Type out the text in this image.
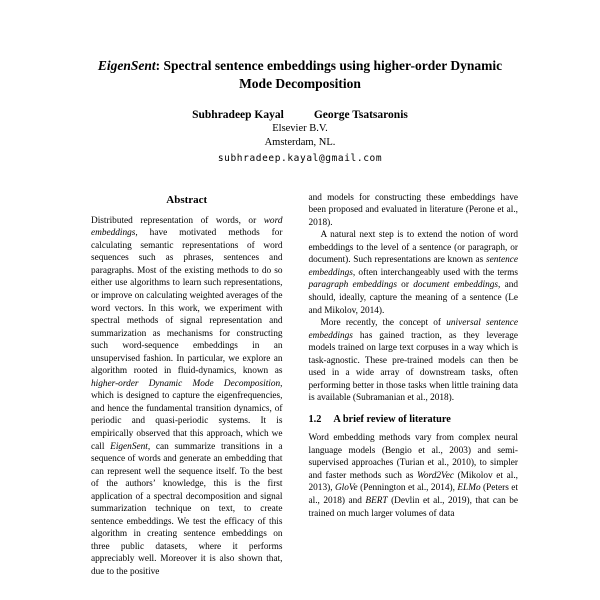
EigenSent: Spectral sentence embeddings using higher-order Dynamic Mode Decomposition
Subhradeep Kayal	George Tsatsaronis
Elsevier B.V.
Amsterdam, NL.
subhradeep.kayal@gmail.com
Abstract

Distributed representation of words, or word embeddings, have motivated methods for calculating semantic representations of word sequences such as phrases, sentences and paragraphs. Most of the existing methods to do so either use algorithms to learn such representations, or improve on calculating weighted averages of the word vectors. In this work, we experiment with spectral methods of signal representation and summarization as mechanisms for constructing such word-sequence embeddings in an unsupervised fashion. In particular, we explore an algorithm rooted in fluid-dynamics, known as higher-order Dynamic Mode Decomposition, which is designed to capture the eigenfrequencies, and hence the fundamental transition dynamics, of periodic and quasi-periodic systems. It is empirically observed that this approach, which we call EigenSent, can summarize transitions in a sequence of words and generate an embedding that can represent well the sequence itself. To the best of the authors’ knowledge, this is the first application of a spectral decomposition and signal summarization technique on text, to create sentence embeddings. We test the efficacy of this algorithm in creating sentence embeddings on three public datasets, where it performs appreciably well. Moreover it is also shown that, due to the positive

and models for constructing these embeddings have been proposed and evaluated in literature (Perone et al., 2018).

A natural next step is to extend the notion of word embeddings to the level of a sentence (or paragraph, or document). Such representations are known as sentence embeddings, often interchangeably used with the terms paragraph embeddings or document embeddings, and should, ideally, capture the meaning of a sentence (Le and Mikolov, 2014).

More recently, the concept of universal sentence embeddings has gained traction, as they leverage models trained on large text corpuses in a way which is task-agnostic. These pre-trained models can then be used in a wide array of downstream tasks, often performing better in those tasks when little training data is available (Subramanian et al., 2018).

1.2 A brief review of literature

Word embedding methods vary from complex neural language models (Bengio et al., 2003) and semi-supervised approaches (Turian et al., 2010), to simpler and faster methods such as Word2Vec (Mikolov et al., 2013), GloVe (Pennington et al., 2014), ELMo (Peters et al., 2018) and BERT (Devlin et al., 2019), that can be trained on much larger volumes of data
